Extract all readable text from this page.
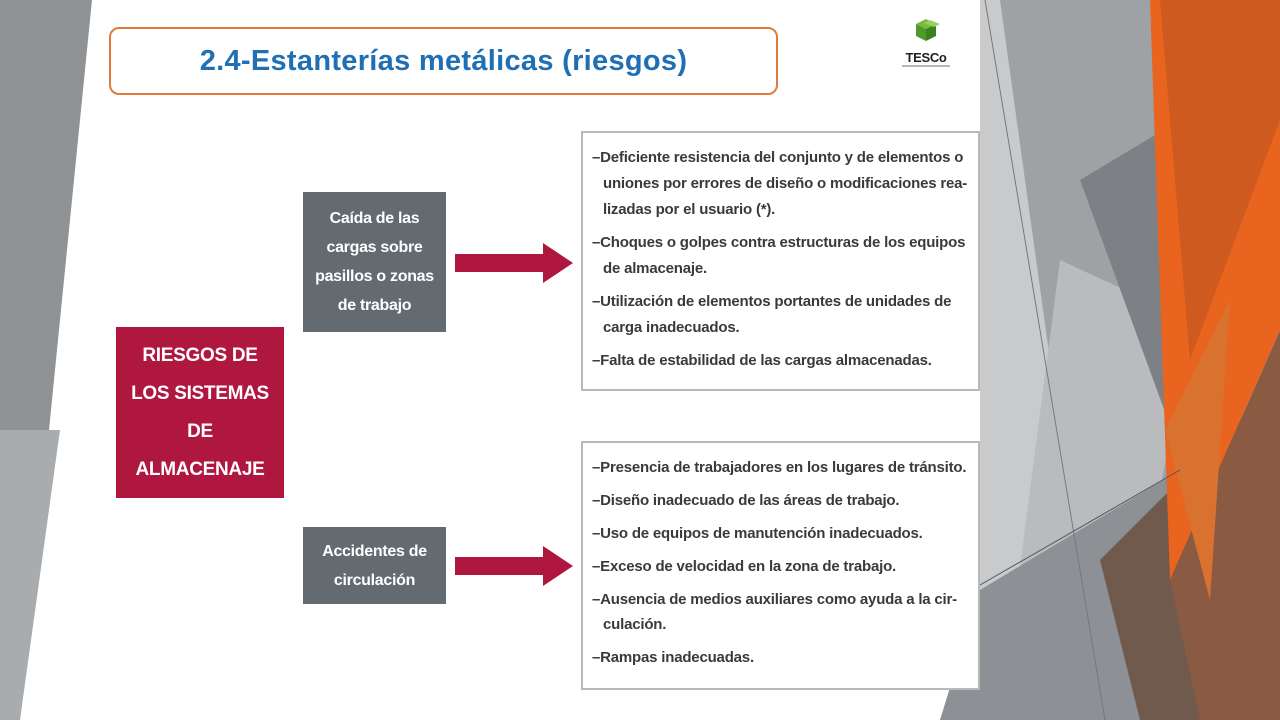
2.4-Estanterías metálicas (riesgos)	TESCo
RIESGOS DE
LOS SISTEMAS
DE
ALMACENAJE
Caída de las
cargas sobre
pasillos o zonas
de trabajo
–Deficiente resistencia del conjunto y de elementos o
uniones por errores de diseño o modificaciones rea-
lizadas por el usuario (*).
–Choques o golpes contra estructuras de los equipos
de almacenaje.
–Utilización de elementos portantes de unidades de
carga inadecuados.
–Falta de estabilidad de las cargas almacenadas.
Accidentes de
circulación
–Presencia de trabajadores en los lugares de tránsito.
–Diseño inadecuado de las áreas de trabajo.
–Uso de equipos de manutención inadecuados.
–Exceso de velocidad en la zona de trabajo.
–Ausencia de medios auxiliares como ayuda a la cir-
culación.
–Rampas inadecuadas.
